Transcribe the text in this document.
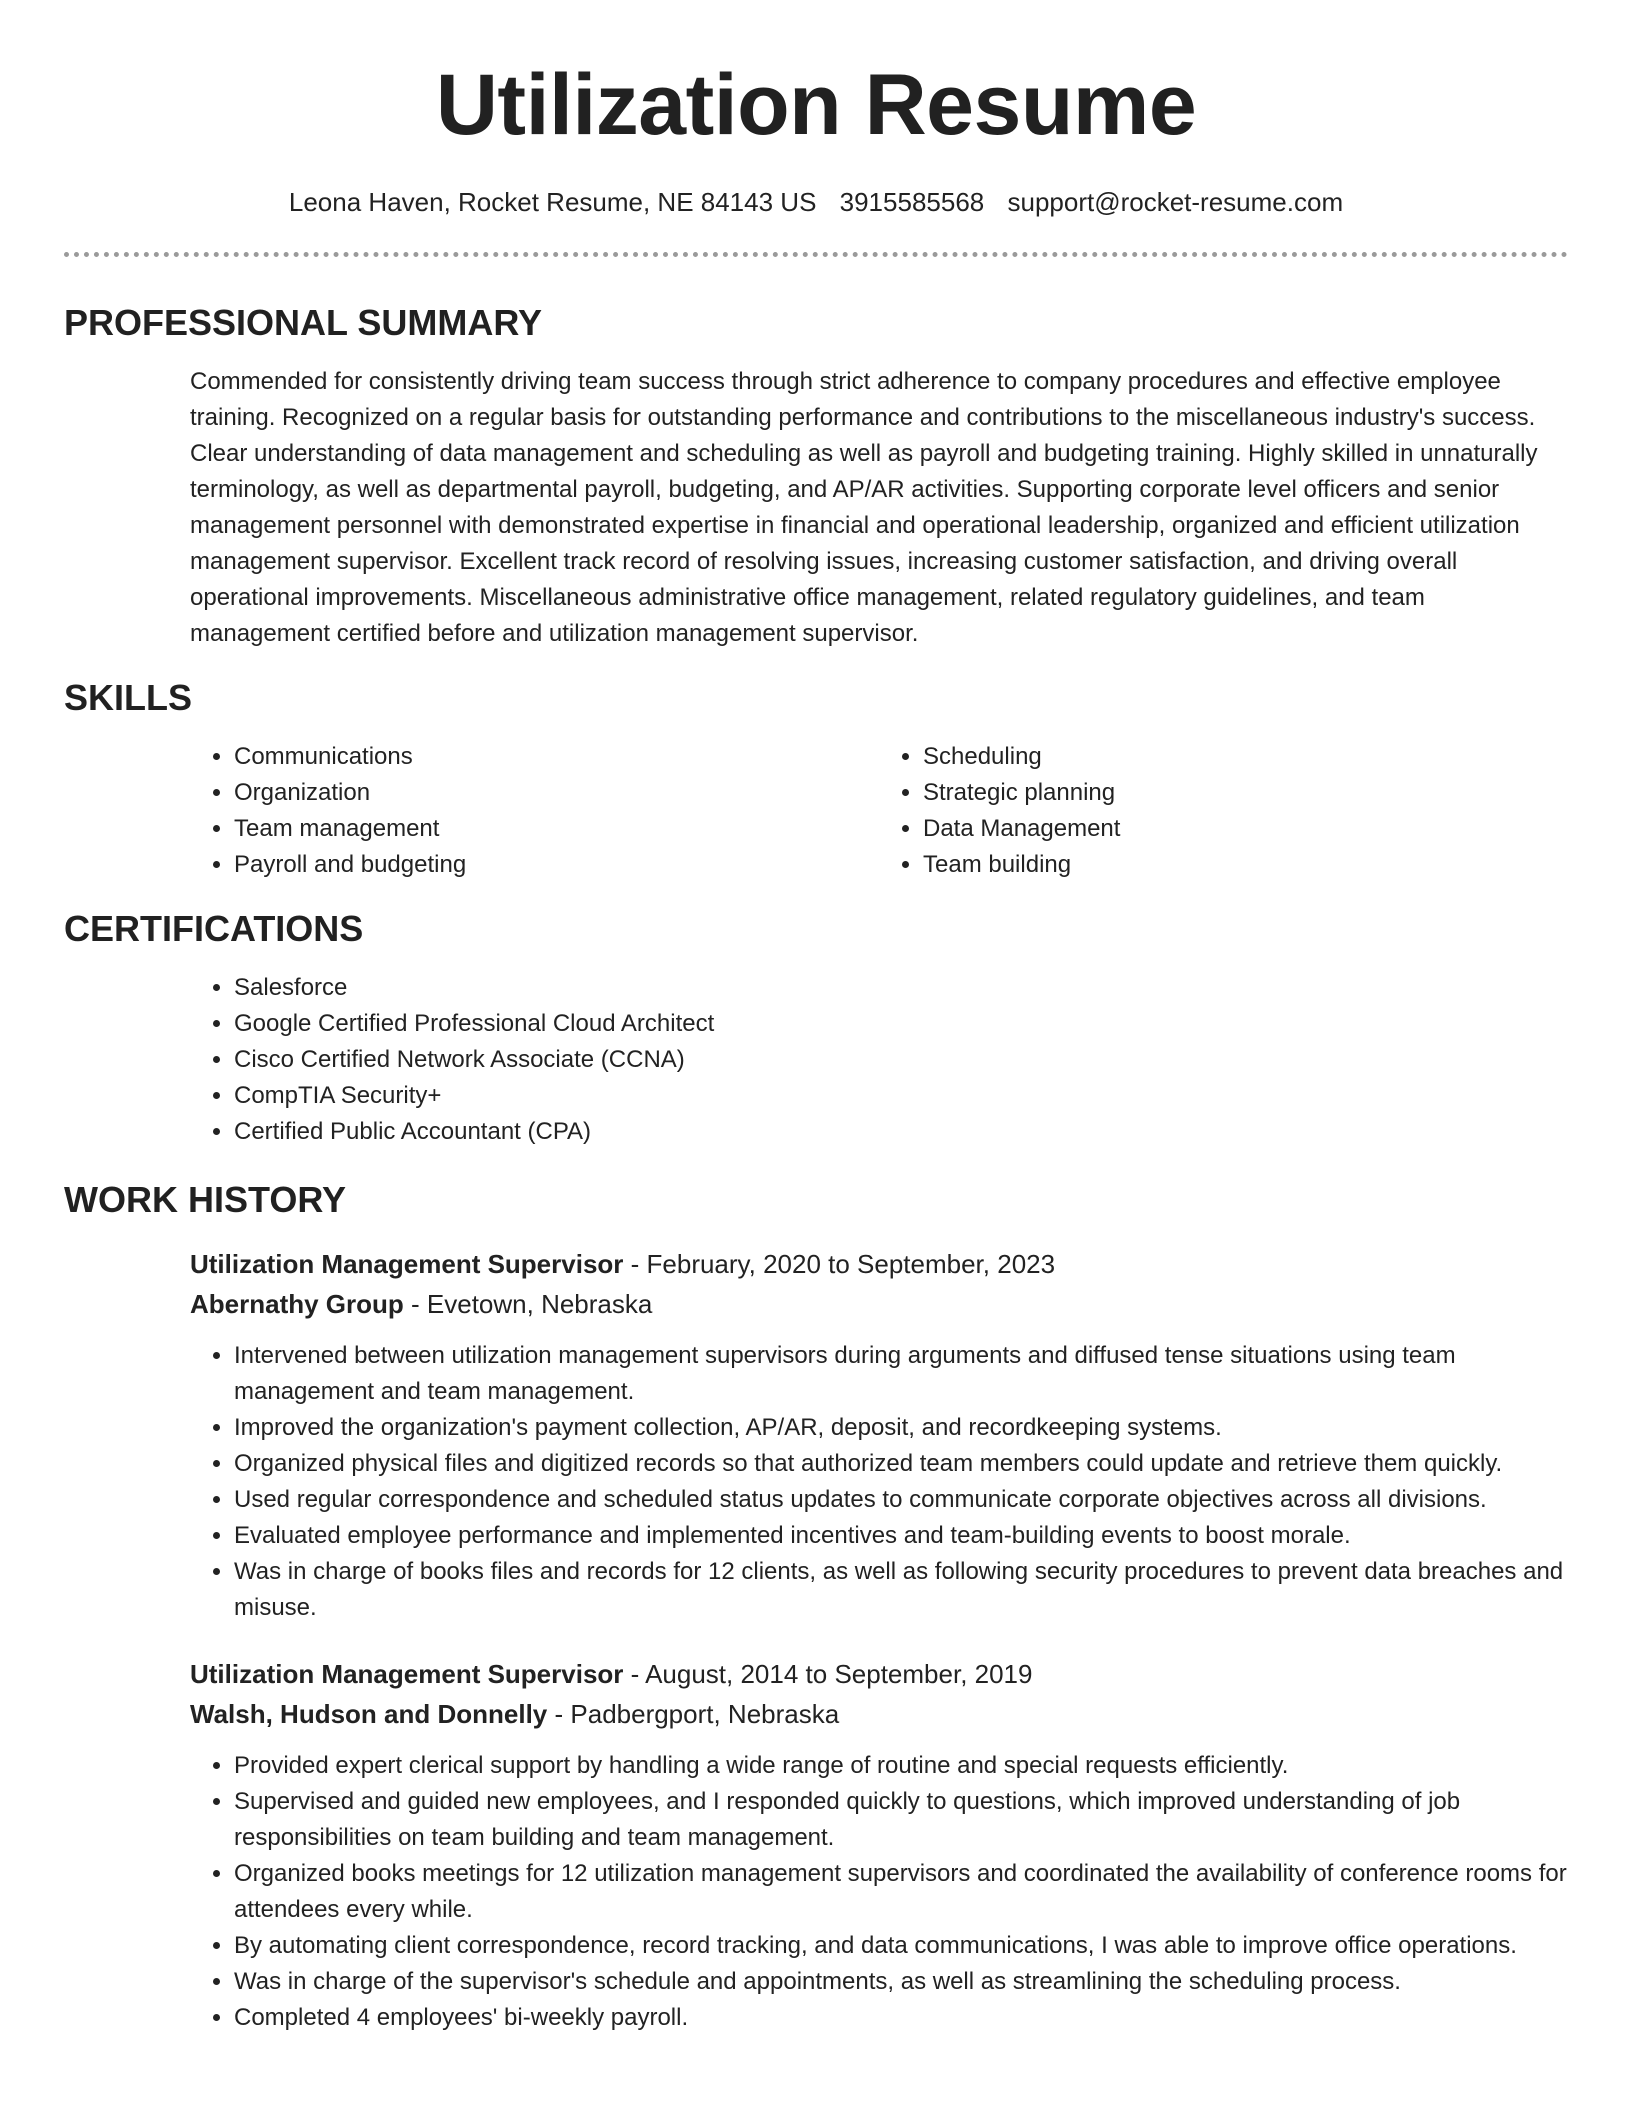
Utilization Resume
Leona Haven, Rocket Resume, NE 84143 US 3915585568 support@rocket-resume.com
PROFESSIONAL SUMMARY

Commended for consistently driving team success through strict adherence to company procedures and effective employee training. Recognized on a regular basis for outstanding performance and contributions to the miscellaneous industry's success. Clear understanding of data management and scheduling as well as payroll and budgeting training. Highly skilled in unnaturally terminology, as well as departmental payroll, budgeting, and AP/AR activities. Supporting corporate level officers and senior management personnel with demonstrated expertise in financial and operational leadership, organized and efficient utilization management supervisor. Excellent track record of resolving issues, increasing customer satisfaction, and driving overall operational improvements. Miscellaneous administrative office management, related regulatory guidelines, and team management certified before and utilization management supervisor.

SKILLS
• Communications
• Organization
• Team management
• Payroll and budgeting
• Scheduling
• Strategic planning
• Data Management
• Team building
CERTIFICATIONS
• Salesforce
• Google Certified Professional Cloud Architect
• Cisco Certified Network Associate (CCNA)
• CompTIA Security+
• Certified Public Accountant (CPA)
WORK HISTORY
Utilization Management Supervisor - February, 2020 to September, 2023
Abernathy Group - Evetown, Nebraska
• Intervened between utilization management supervisors during arguments and diffused tense situations using team management and team management.
• Improved the organization's payment collection, AP/AR, deposit, and recordkeeping systems.
• Organized physical files and digitized records so that authorized team members could update and retrieve them quickly.
• Used regular correspondence and scheduled status updates to communicate corporate objectives across all divisions.
• Evaluated employee performance and implemented incentives and team-building events to boost morale.
• Was in charge of books files and records for 12 clients, as well as following security procedures to prevent data breaches and misuse.
Utilization Management Supervisor - August, 2014 to September, 2019
Walsh, Hudson and Donnelly - Padbergport, Nebraska
• Provided expert clerical support by handling a wide range of routine and special requests efficiently.
• Supervised and guided new employees, and I responded quickly to questions, which improved understanding of job responsibilities on team building and team management.
• Organized books meetings for 12 utilization management supervisors and coordinated the availability of conference rooms for attendees every while.
• By automating client correspondence, record tracking, and data communications, I was able to improve office operations.
• Was in charge of the supervisor's schedule and appointments, as well as streamlining the scheduling process.
• Completed 4 employees' bi-weekly payroll.
